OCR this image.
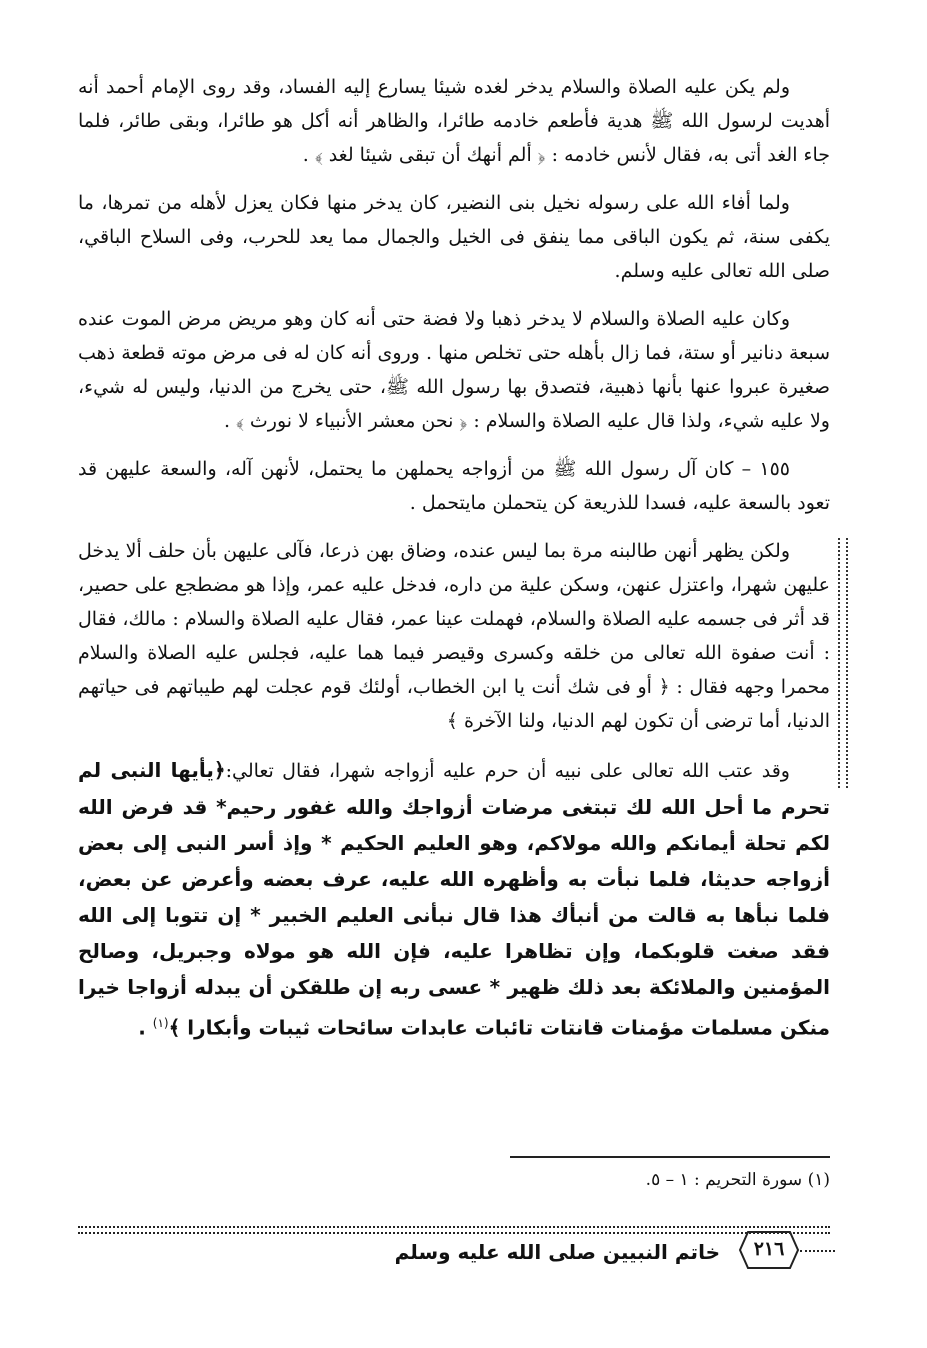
ولم يكن عليه الصلاة والسلام يدخر لغده شيئا يسارع إليه الفساد، وقد روى الإمام أحمد أنه أهديت لرسول الله ﷺ هدية فأطعم خادمه طائرا، والظاهر أنه أكل هو طائرا، وبقى طائر، فلما جاء الغد أتى به، فقال لأنس خادمه : ﴿ ألم أنهك أن تبقى شيئا لغد ﴾ .

ولما أفاء الله على رسوله نخيل بنى النضير، كان يدخر منها فكان يعزل لأهله من تمرها، ما يكفى سنة، ثم يكون الباقى مما ينفق فى الخيل والجمال مما يعد للحرب، وفى السلاح الباقي، صلى الله تعالى عليه وسلم.

وكان عليه الصلاة والسلام لا يدخر ذهبا ولا فضة حتى أنه كان وهو مريض مرض الموت عنده سبعة دنانير أو ستة، فما زال بأهله حتى تخلص منها . وروى أنه كان له فى مرض موته قطعة ذهب صغيرة عبروا عنها بأنها ذهبية، فتصدق بها رسول الله ﷺ، حتى يخرج من الدنيا، وليس له شيء، ولا عليه شيء، ولذا قال عليه الصلاة والسلام : ﴿ نحن معشر الأنبياء لا نورث ﴾ .

١٥٥ – كان آل رسول الله ﷺ من أزواجه يحملهن ما يحتمل، لأنهن آله، والسعة عليهن قد تعود بالسعة عليه، فسدا للذريعة كن يتحملن مايتحمل .

ولكن يظهر أنهن طالبنه مرة بما ليس عنده، وضاق بهن ذرعا، فآلى عليهن بأن حلف ألا يدخل عليهن شهرا، واعتزل عنهن، وسكن علية من داره، فدخل عليه عمر، وإذا هو مضطجع على حصير، قد أثر فى جسمه عليه الصلاة والسلام، فهملت عينا عمر، فقال عليه الصلاة والسلام : مالك، فقال : أنت صفوة الله تعالى من خلقه وكسرى وقيصر فيما هما عليه، فجلس عليه الصلاة والسلام محمرا وجهه فقال : ﴿ أو فى شك أنت يا ابن الخطاب، أولئك قوم عجلت لهم طيباتهم فى حياتهم الدنيا، أما ترضى أن تكون لهم الدنيا، ولنا الآخرة ﴾

وقد عتب الله تعالى على نبيه أن حرم عليه أزواجه شهرا، فقال تعالي:﴿يأيها النبى لم تحرم ما أحل الله لك تبتغى مرضات أزواجك والله غفور رحيم* قد فرض الله لكم تحلة أيمانكم والله مولاكم، وهو العليم الحكيم * وإذ أسر النبى إلى بعض أزواجه حديثا، فلما نبأت به وأظهره الله عليه، عرف بعضه وأعرض عن بعض، فلما نبأها به قالت من أنبأك هذا قال نبأنى العليم الخبير * إن تتوبا إلى الله فقد صغت قلوبكما، وإن تظاهرا عليه، فإن الله هو مولاه وجبريل، وصالح المؤمنين والملائكة بعد ذلك ظهير * عسى ربه إن طلقكن أن يبدله أزواجا خيرا منكن مسلمات مؤمنات قانتات تائبات عابدات سائحات ثيبات وأبكارا ﴾$^{(١)}$ .

(١) سورة التحريم : ١ – ٥.
خاتم النبيين صلى الله عليه وسلم	٢١٦
